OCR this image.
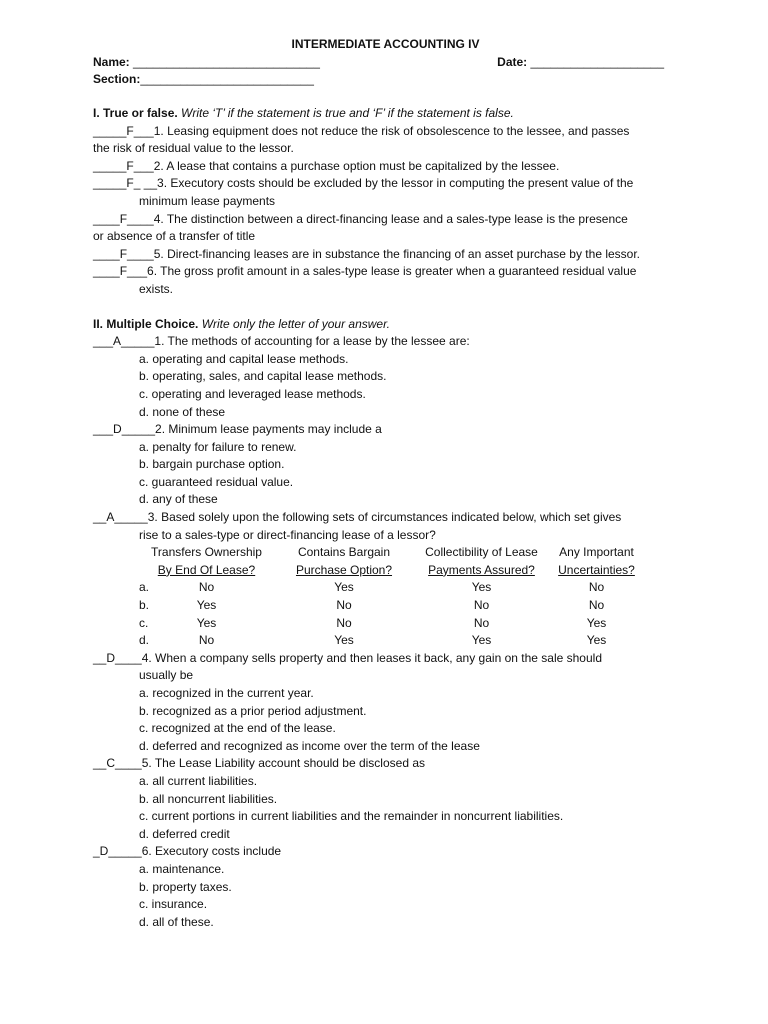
INTERMEDIATE ACCOUNTING IV
Name: ____________________________	Date: ____________________
Section: __________________________

I. True or false. Write ‘T’ if the statement is true and ‘F’ if the statement is false.

_____F___1. Leasing equipment does not reduce the risk of obsolescence to the lessee, and passes

the risk of residual value to the lessor.

_____F___2. A lease that contains a purchase option must be capitalized by the lessee.

_____F_ __3. Executory costs should be excluded by the lessor in computing the present value of the

minimum lease payments

____F____4. The distinction between a direct-financing lease and a sales-type lease is the presence

or absence of a transfer of title

____F____5. Direct-financing leases are in substance the financing of an asset purchase by the lessor.

____F___6. The gross profit amount in a sales-type lease is greater when a guaranteed residual value

exists.

II. Multiple Choice. Write only the letter of your answer.

___A_____1. The methods of accounting for a lease by the lessee are:

a. operating and capital lease methods.

b. operating, sales, and capital lease methods.

c. operating and leveraged lease methods.

d. none of these

___D_____2. Minimum lease payments may include a

a. penalty for failure to renew.

b. bargain purchase option.

c. guaranteed residual value.

d. any of these

__A_____3. Based solely upon the following sets of circumstances indicated below, which set gives

rise to a sales-type or direct-financing lease of a lessor?

	Transfers Ownership	Contains Bargain	Collectibility of Lease	Any Important
	By End Of Lease?	Purchase Option?	Payments Assured?	Uncertainties?

a.	No	Yes	Yes	No

b.	Yes	No	No	No

c.	Yes	No	No	Yes

d.	No	Yes	Yes	Yes

__D____4. When a company sells property and then leases it back, any gain on the sale should

usually be

a. recognized in the current year.

b. recognized as a prior period adjustment.

c. recognized at the end of the lease.

d. deferred and recognized as income over the term of the lease

__C____5. The Lease Liability account should be disclosed as

a. all current liabilities.

b. all noncurrent liabilities.

c. current portions in current liabilities and the remainder in noncurrent liabilities.

d. deferred credit

_D_____6. Executory costs include

a. maintenance.

b. property taxes.

c. insurance.

d. all of these.
